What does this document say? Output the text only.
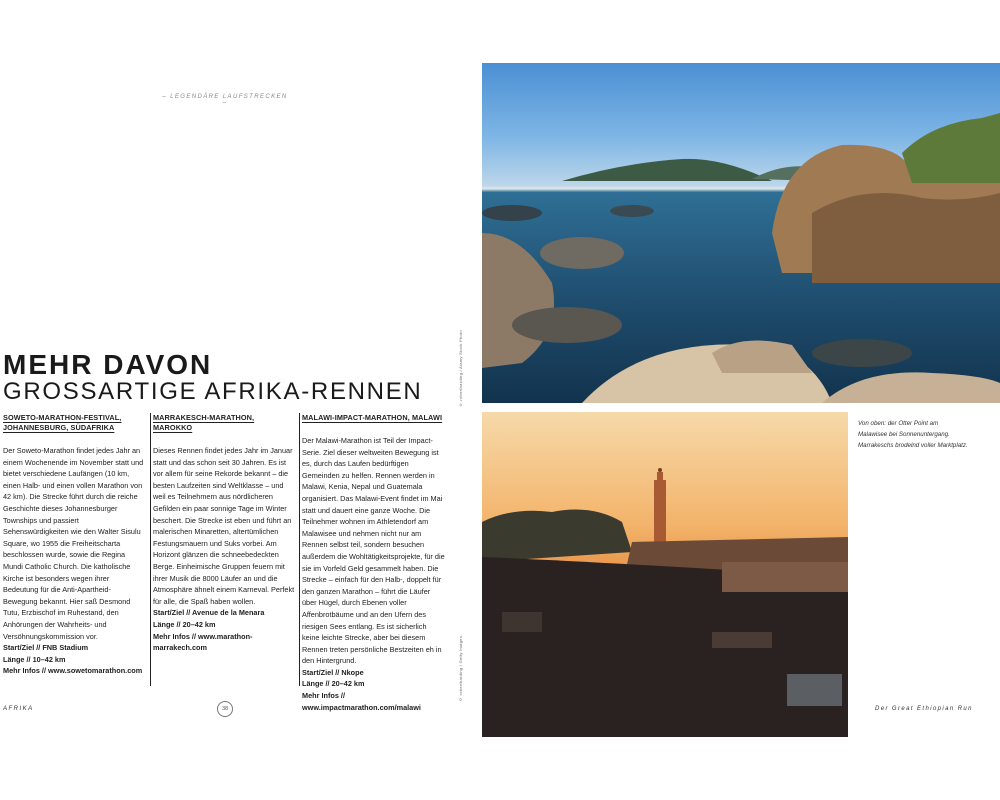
– LEGENDÄRE LAUFSTRECKEN –
MEHR DAVON
GROSSARTIGE AFRIKA-RENNEN
SOWETO-MARATHON-FESTIVAL, JOHANNESBURG, SÜDAFRIKA

Der Soweto-Marathon findet jedes Jahr an einem Wochenende im November statt und bietet verschiedene Laufängen (10 km, einen Halb- und einen vollen Marathon von 42 km). Die Strecke führt durch die reiche Geschichte dieses Johannesburger Townships und passiert Sehenswürdigkeiten wie den Walter Sisulu Square, wo 1955 die Freiheitscharta beschlossen wurde, sowie die Regina Mundi Catholic Church. Die katholische Kirche ist besonders wegen ihrer Bedeutung für die Anti-Apartheid-Bewegung bekannt. Hier saß Desmond Tutu, Erzbischof im Ruhestand, den Anhörungen der Wahrheits- und Versöhnungskommission vor.

Start/Ziel // FNB Stadium
Länge // 10–42 km
Mehr Infos // www.sowetomarathon.com
MARRAKESCH-MARATHON, MAROKKO

Dieses Rennen findet jedes Jahr im Januar statt und das schon seit 30 Jahren. Es ist vor allem für seine Rekorde bekannt – die besten Laufzeiten sind Weltklasse – und weil es Teilnehmern aus nördlicheren Gefilden ein paar sonnige Tage im Winter beschert. Die Strecke ist eben und führt an malerischen Minaretten, altertümlichen Festungsmauern und Suks vorbei. Am Horizont glänzen die schneebedeckten Berge. Einheimische Gruppen feuern mit ihrer Musik die 8000 Läufer an und die Atmosphäre ähnelt einem Karneval. Perfekt für alle, die Spaß haben wollen.

Start/Ziel // Avenue de la Menara
Länge // 20–42 km
Mehr Infos // www.marathon-marrakech.com
MALAWI-IMPACT-MARATHON, MALAWI

Der Malawi-Marathon ist Teil der Impact-Serie. Ziel dieser weltweiten Bewegung ist es, durch das Laufen bedürftigen Gemeinden zu helfen. Rennen werden in Malawi, Kenia, Nepal und Guatemala organisiert. Das Malawi-Event findet im Mai statt und dauert eine ganze Woche. Die Teilnehmer wohnen im Athletendorf am Malawisee und nehmen nicht nur am Rennen selbst teil, sondern besuchen außerdem die Wohltätigkeitsprojekte, für die sie im Vorfeld Geld gesammelt haben. Die Strecke – einfach für den Halb-, doppelt für den ganzen Marathon – führt die Läufer über Hügel, durch Ebenen voller Affenbrotbäume und an den Ufern des riesigen Sees entlang. Es ist sicherlich keine leichte Strecke, aber bei diesem Rennen treten persönliche Bestzeiten eh in den Hintergrund.

Start/Ziel // Nkope
Länge // 20–42 km
Mehr Infos // www.impactmarathon.com/malawi
AFRIKA	38
© robertharding / Alamy Stock Photo
© robertharding / Getty Images
Von oben: der Otter Point am Malawisee bei Sonnenuntergang. Marrakeschs brodelnd voller Marktplatz.
Der Great Ethiopian Run
